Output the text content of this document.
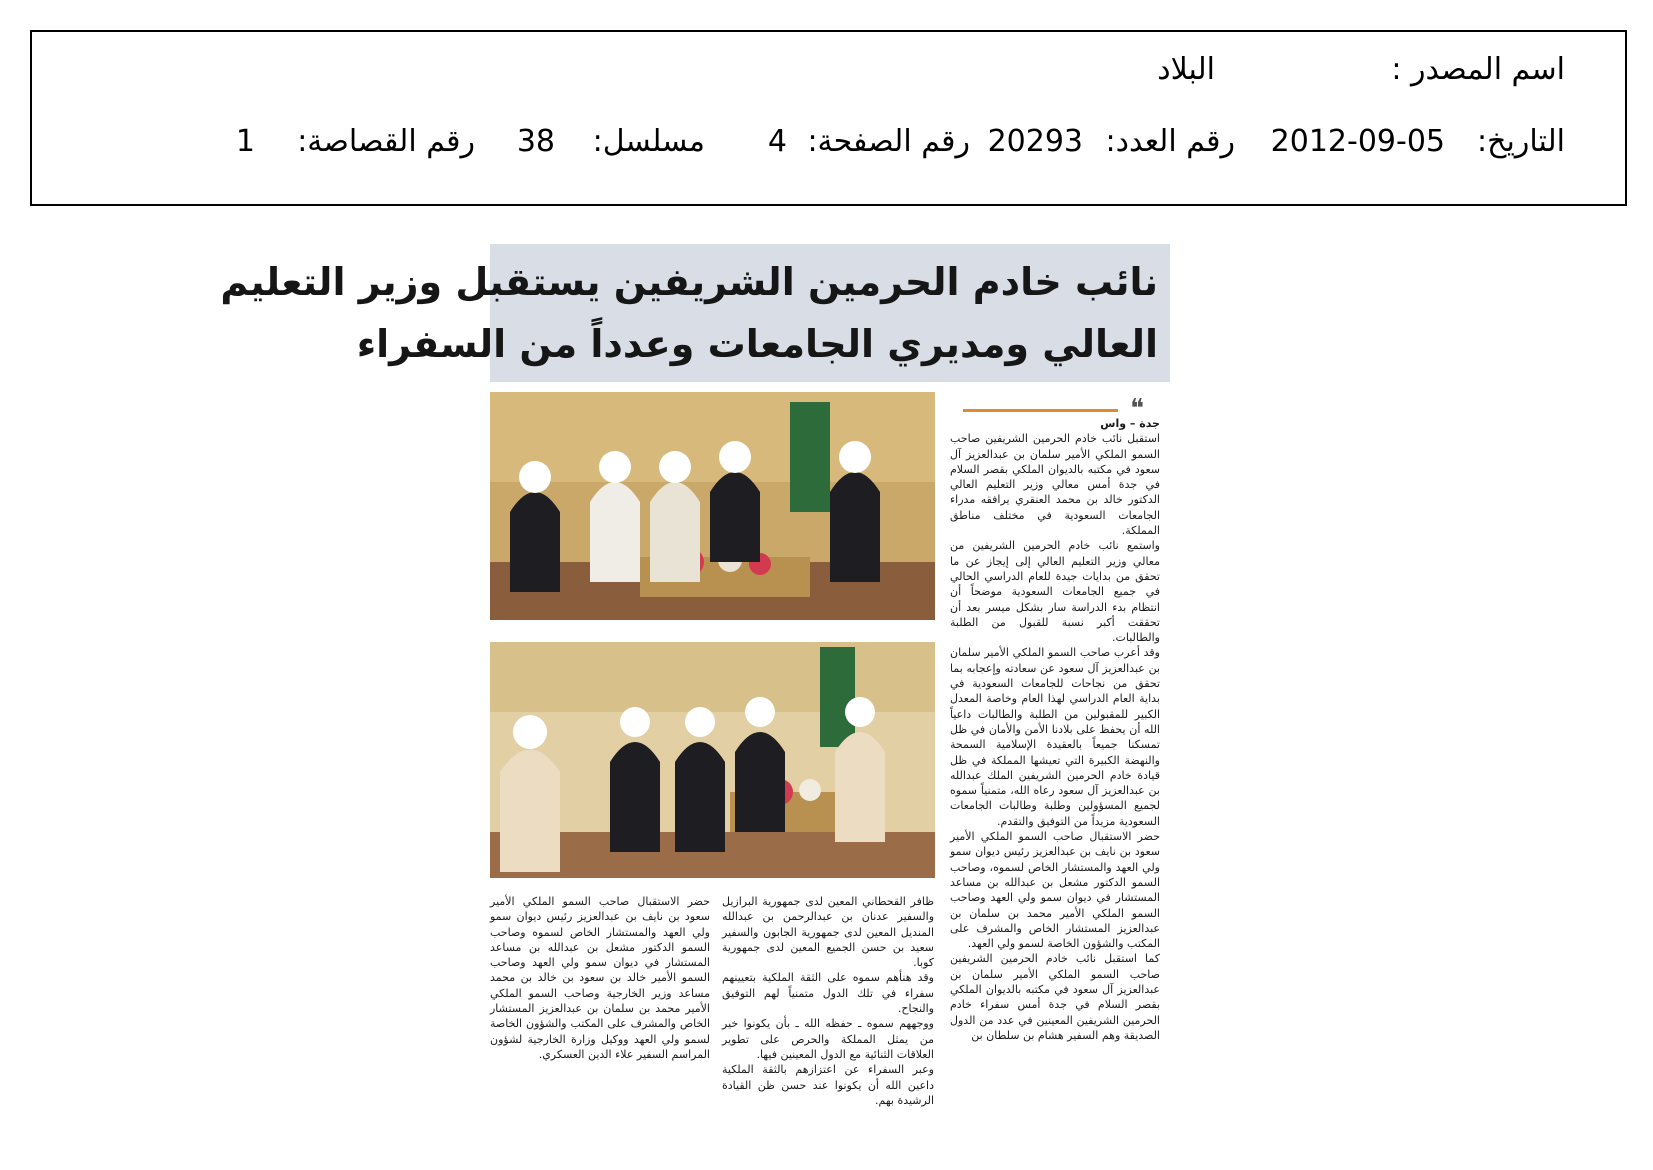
اسم المصدر :
البلاد
التاريخ:
2012-09-05
رقم العدد:
20293
رقم الصفحة:
4
مسلسل:
38
رقم القصاصة:
1
نائب خادم الحرمين الشريفين يستقبل وزير التعليم
العالي ومديري الجامعات وعدداً من السفراء
❝

جدة – واس

استقبل نائب خادم الحرمين الشريفين صاحب السمو الملكي الأمير سلمان بن عبدالعزيز آل سعود في مكتبه بالديوان الملكي بقصر السلام في جدة أمس معالي وزير التعليم العالي الدكتور خالد بن محمد العنقري يرافقه مدراء الجامعات السعودية في مختلف مناطق المملكة.

واستمع نائب خادم الحرمين الشريفين من معالي وزير التعليم العالي إلى إيجاز عن ما تحقق من بدايات جيدة للعام الدراسي الحالي في جميع الجامعات السعودية موضحاً أن انتظام بدء الدراسة سار بشكل ميسر بعد أن تحققت أكبر نسبة للقبول من الطلبة والطالبات.

وقد أعرب صاحب السمو الملكي الأمير سلمان بن عبدالعزيز آل سعود عن سعادته وإعجابه بما تحقق من نجاحات للجامعات السعودية في بداية العام الدراسي لهذا العام وخاصة المعدل الكبير للمقبولين من الطلبة والطالبات داعياً الله أن يحفظ على بلادنا الأمن والأمان في ظل تمسكنا جميعاً بالعقيدة الإسلامية السمحة والنهضة الكبيرة التي تعيشها المملكة في ظل قيادة خادم الحرمين الشريفين الملك عبدالله بن عبدالعزيز آل سعود رعاه الله، متمنياً سموه لجميع المسؤولين وطلبة وطالبات الجامعات السعودية مزيداً من التوفيق والتقدم.

حضر الاستقبال صاحب السمو الملكي الأمير سعود بن نايف بن عبدالعزيز رئيس ديوان سمو ولي العهد والمستشار الخاص لسموه، وصاحب السمو الدكتور مشعل بن عبدالله بن مساعد المستشار في ديوان سمو ولي العهد وصاحب السمو الملكي الأمير محمد بن سلمان بن عبدالعزيز المستشار الخاص والمشرف على المكتب والشؤون الخاصة لسمو ولي العهد.

كما استقبل نائب خادم الحرمين الشريفين صاحب السمو الملكي الأمير سلمان بن عبدالعزيز آل سعود في مكتبه بالديوان الملكي بقصر السلام في جدة أمس سفراء خادم الحرمين الشريفين المعينين في عدد من الدول الصديقة وهم السفير هشام بن سلطان بن

ظافر القحطاني المعين لدى جمهورية البرازيل والسفير عدنان بن عبدالرحمن بن عبدالله المنديل المعين لدى جمهورية الجابون والسفير سعيد بن حسن الجميع المعين لدى جمهورية كوبا.

وقد هنأهم سموه على الثقة الملكية بتعيينهم سفراء في تلك الدول متمنياً لهم التوفيق والنجاح.

ووجههم سموه ـ حفظه الله ـ بأن يكونوا خير من يمثل المملكة والحرص على تطوير العلاقات الثنائية مع الدول المعينين فيها.

وعبر السفراء عن اعتزازهم بالثقة الملكية داعين الله أن يكونوا عند حسن ظن القيادة الرشيدة بهم.

حضر الاستقبال صاحب السمو الملكي الأمير سعود بن نايف بن عبدالعزيز رئيس ديوان سمو ولي العهد والمستشار الخاص لسموه وصاحب السمو الدكتور مشعل بن عبدالله بن مساعد المستشار في ديوان سمو ولي العهد وصاحب السمو الأمير خالد بن سعود بن خالد بن محمد مساعد وزير الخارجية وصاحب السمو الملكي الأمير محمد بن سلمان بن عبدالعزيز المستشار الخاص والمشرف على المكتب والشؤون الخاصة لسمو ولي العهد ووكيل وزارة الخارجية لشؤون المراسم السفير علاء الدين العسكري.
